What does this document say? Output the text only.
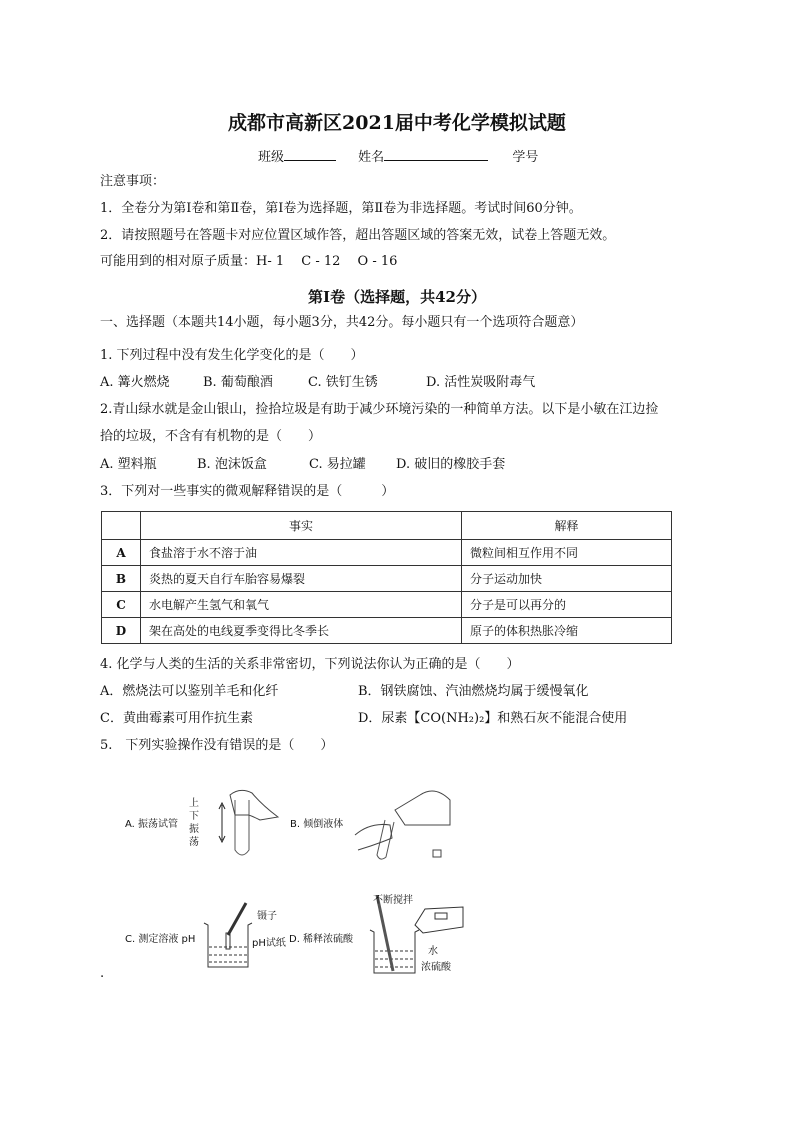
成都市高新区2021届中考化学模拟试题
班级	姓名	学号
注意事项：
1．全卷分为第Ⅰ卷和第Ⅱ卷，第Ⅰ卷为选择题，第Ⅱ卷为非选择题。考试时间60分钟。
2．请按照题号在答题卡对应位置区域作答，超出答题区域的答案无效，试卷上答题无效。
可能用到的相对原子质量：H- 1　 C - 12　 O - 16
第Ⅰ卷（选择题，共42分）
一、选择题（本题共14小题，每小题3分，共42分。每小题只有一个选项符合题意）
1. 下列过程中没有发生化学变化的是（　　）
A. 篝火燃烧	B. 葡萄酿酒	C. 铁钉生锈	D. 活性炭吸附毒气
2.青山绿水就是金山银山，捡拾垃圾是有助于减少环境污染的一种简单方法。以下是小敏在江边捡
拾的垃圾，不含有有机物的是（　　）
A. 塑料瓶	B. 泡沫饭盒	C. 易拉罐 D. 破旧的橡胶手套
3．下列对一些事实的微观解释错误的是（　　　）
	事实	解释
A	食盐溶于水不溶于油	微粒间相互作用不同
B	炎热的夏天自行车胎容易爆裂	分子运动加快
C	水电解产生氢气和氧气	分子是可以再分的
D	架在高处的电线夏季变得比冬季长	原子的体积热胀冷缩
4. 化学与人类的生活的关系非常密切，下列说法你认为正确的是（　　）
A．燃烧法可以鉴别羊毛和化纤	B．钢铁腐蚀、汽油燃烧均属于缓慢氧化
C．黄曲霉素可用作抗生素	D．尿素【CO(NH₂)₂】和熟石灰不能混合使用
5.　下列实验操作没有错误的是（　　）
A. 振荡试管
上
下
振
荡
B. 倾倒液体
C. 测定溶液 pH
镊子
pH试纸 D. 稀释浓硫酸
不断搅拌
水
浓硫酸
.
